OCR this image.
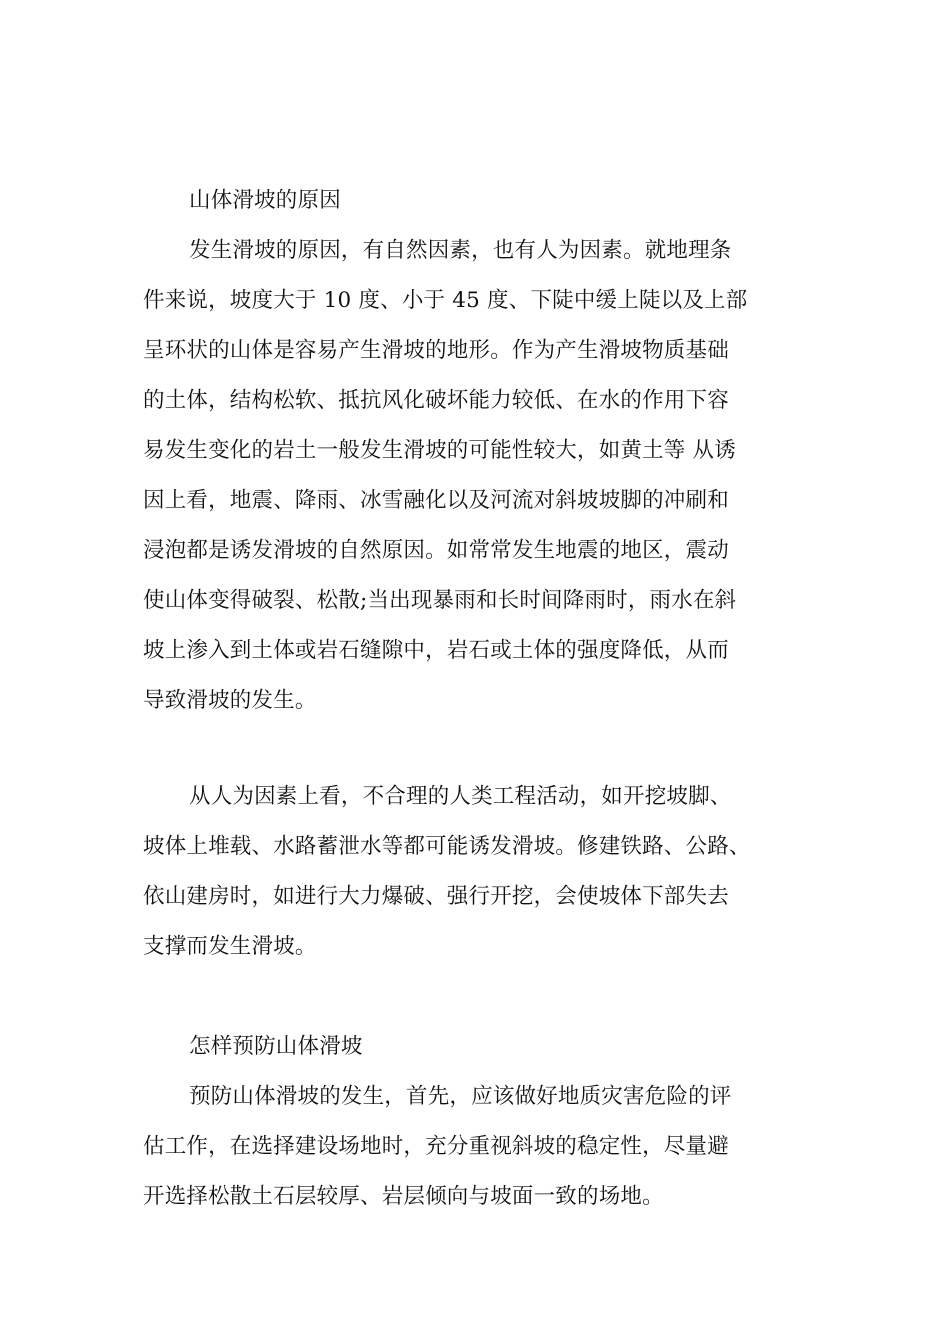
山体滑坡的原因
发生滑坡的原因，有自然因素，也有人为因素。就地理条
件来说，坡度大于 10 度、小于 45 度、下陡中缓上陡以及上部
呈环状的山体是容易产生滑坡的地形。作为产生滑坡物质基础
的土体，结构松软、抵抗风化破坏能力较低、在水的作用下容
易发生变化的岩土一般发生滑坡的可能性较大，如黄土等 从诱
因上看，地震、降雨、冰雪融化以及河流对斜坡坡脚的冲刷和
浸泡都是诱发滑坡的自然原因。如常常发生地震的地区，震动
使山体变得破裂、松散;当出现暴雨和长时间降雨时，雨水在斜
坡上渗入到土体或岩石缝隙中，岩石或土体的强度降低，从而
导致滑坡的发生。
从人为因素上看，不合理的人类工程活动，如开挖坡脚、
坡体上堆载、水路蓄泄水等都可能诱发滑坡。修建铁路、公路、
依山建房时，如进行大力爆破、强行开挖，会使坡体下部失去
支撑而发生滑坡。
怎样预防山体滑坡
预防山体滑坡的发生，首先，应该做好地质灾害危险的评
估工作，在选择建设场地时，充分重视斜坡的稳定性，尽量避
开选择松散土石层较厚、岩层倾向与坡面一致的场地。
